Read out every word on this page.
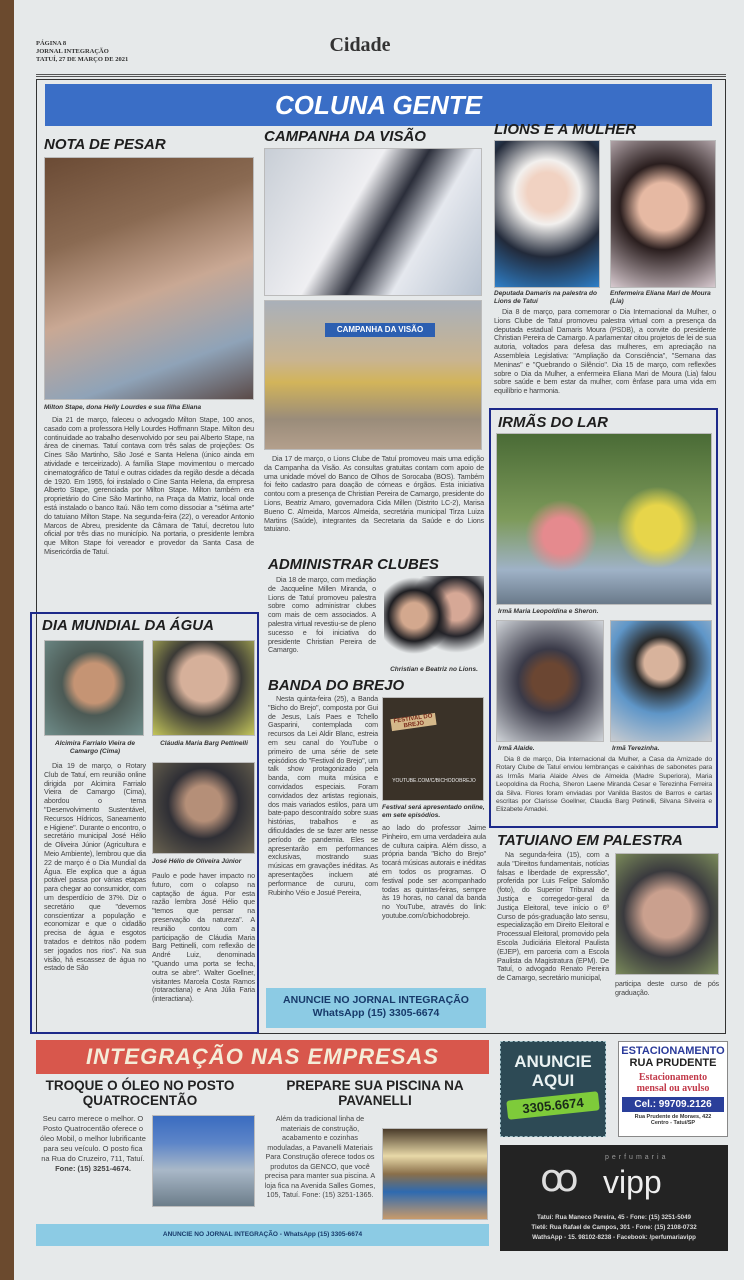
PÁGINA 8
JORNAL INTEGRAÇÃO
TATUÍ, 27 DE MARÇO DE 2021
Cidade
COLUNA GENTE
NOTA DE PESAR
Milton Stape, dona Helly Lourdes e sua filha Eliana
Dia 21 de março, faleceu o advogado Milton Stape, 100 anos, casado com a professora Helly Lourdes Hoffmann Stape. Milton deu continuidade ao trabalho desenvolvido por seu pai Alberto Stape, na área de cinemas. Tatuí contava com três salas de projeções: Os Cines São Martinho, São José e Santa Helena (único ainda em atividade e terceirizado). A família Stape movimentou o mercado cinematográfico de Tatuí e outras cidades da região desde a década de 1920. Em 1955, foi instalado o Cine Santa Helena, da empresa Alberto Stape, gerenciada por Milton Stape. Milton também era proprietário do Cine São Martinho, na Praça da Matriz, local onde está instalado o banco Itaú. Não tem como dissociar a "sétima arte" do tatuiano Milton Stape. Na segunda-feira (22), o vereador Antonio Marcos de Abreu, presidente da Câmara de Tatuí, decretou luto oficial por três dias no município. Na portaria, o presidente lembra que Milton Stape foi vereador e provedor da Santa Casa de Misericórdia de Tatuí.
DIA MUNDIAL DA ÁGUA
Alcimira Farrialo Vieira de Camargo (Cima)
Cláudia Maria Barg Pettinelli
Dia 19 de março, o Rotary Club de Tatuí, em reunião online dirigida por Alcimira Farrialo Vieira de Camargo (Cima), abordou o tema "Desenvolvimento Sustentável, Recursos Hídricos, Saneamento e Higiene". Durante o encontro, o secretário municipal José Hélio de Oliveira Júnior (Agricultura e Meio Ambiente), lembrou que dia 22 de março é o Dia Mundial da Água. Ele explica que a água potável passa por várias etapas para chegar ao consumidor, com um desperdício de 37%. Diz o secretário que "devemos conscientizar a população e economizar e que o cidadão precisa de água e esgotos tratados e detritos não podem ser jogados nos rios". Na sua visão, há escassez de água no estado de São
José Hélio de Oliveira Júnior
Paulo e pode haver impacto no futuro, com o colapso na captação de água. Por esta razão lembra José Hélio que "temos que pensar na preservação da natureza". A reunião contou com a participação de Cláudia Maria Barg Pettinelli, com reflexão de André Luiz, denominada "Quando uma porta se fecha, outra se abre". Walter Goellner, visitantes Marcela Costa Ramos (rotaractiana) e Ana Júlia Faria (interactiana).
CAMPANHA DA VISÃO
CAMPANHA DA VISÃO
Dia 17 de março, o Lions Clube de Tatuí promoveu mais uma edição da Campanha da Visão. As consultas gratuitas contam com apoio de uma unidade móvel do Banco de Olhos de Sorocaba (BOS). Também foi feito cadastro para doação de córneas e órgãos. Esta iniciativa contou com a presença de Christian Pereira de Camargo, presidente do Lions, Beatriz Amaro, governadora Cida Millen (Distrito LC-2), Marisa Bueno C. Almeida, Marcos Almeida, secretária municipal Tirza Luiza Martins (Saúde), integrantes da Secretaria da Saúde e do Lions tatuiano.
ADMINISTRAR CLUBES
Dia 18 de março, com mediação de Jacqueline Millen Miranda, o Lions de Tatuí promoveu palestra sobre como administrar clubes com mais de cem associados. A palestra virtual revestiu-se de pleno sucesso e foi iniciativa do presidente Christian Pereira de Camargo.
Christian e Beatriz no Lions.
BANDA DO BREJO
Nesta quinta-feira (25), a Banda "Bicho do Brejo", composta por Gui de Jesus, Laís Paes e Tchello Gasparini, contemplada com recursos da Lei Aldir Blanc, estreia em seu canal do YouTube o primeiro de uma série de sete episódios do "Festival do Brejo", um talk show protagonizado pela banda, com muita música e convidados especiais. Foram convidados dez artistas regionais, dos mais variados estilos, para um bate-papo descontraído sobre suas histórias, trabalhos e as dificuldades de se fazer arte nesse período de pandemia. Eles se apresentarão em performances exclusivas, mostrando suas músicas em gravações inéditas. As apresentações incluem até performance de cururu, com Rubinho Véio e Josué Pereira,
FESTIVAL DO BREJO
YOUTUBE.COM/C/BICHODOBREJO
Festival será apresentado online, em sete episódios.
ao lado do professor Jaime Pinheiro, em uma verdadeira aula de cultura caipira. Além disso, a própria banda "Bicho do Brejo" tocará músicas autorais e inéditas em todos os programas. O festival pode ser acompanhado todas as quintas-feiras, sempre às 19 horas, no canal da banda no YouTube, através do link: youtube.com/c/bichodobrejo.
ANUNCIE NO JORNAL INTEGRAÇÃO
WhatsApp (15) 3305-6674
LIONS E A MULHER
Deputada Damaris na palestra do Lions de Tatuí
Enfermeira Eliana Mari de Moura (Lia)
Dia 8 de março, para comemorar o Dia Internacional da Mulher, o Lions Clube de Tatuí promoveu palestra virtual com a presença da deputada estadual Damaris Moura (PSDB), a convite do presidente Christian Pereira de Camargo. A parlamentar citou projetos de lei de sua autoria, voltados para defesa das mulheres, em apreciação na Assembleia Legislativa: "Ampliação da Consciência", "Semana das Meninas" e "Quebrando o Silêncio". Dia 15 de março, com reflexões sobre o Dia da Mulher, a enfermeira Eliana Mari de Moura (Lia) falou sobre saúde e bem estar da mulher, com ênfase para uma vida em equilíbrio e harmonia.
IRMÃS DO LAR
Irmã Maria Leopoldina e Sheron.
Irmã Alaide.	Irmã Terezinha.
Dia 8 de março, Dia Internacional da Mulher, a Casa da Amizade do Rotary Clube de Tatuí enviou lembranças e caixinhas de sabonetes para as Irmãs Maria Alaide Alves de Almeida (Madre Superiora), Maria Leopoldina da Rocha, Sheron Laene Miranda Cesar e Terezinha Ferreira da Silva. Flores foram enviadas por Vanilda Bastos de Barros e cartas escritas por Clarisse Goellner, Claudia Barg Petinelli, Silvana Silveira e Elizabete Amadei.
TATUIANO EM PALESTRA
Na segunda-feira (15), com a aula "Direitos fundamentais, notícias falsas e liberdade de expressão", proferida por Luis Felipe Salomão (foto), do Superior Tribunal de Justiça e corregedor-geral da Justiça Eleitoral, teve início o 6º Curso de pós-graduação lato sensu, especialização em Direito Eleitoral e Processual Eleitoral, promovido pela Escola Judiciária Eleitoral Paulista (EJEP), em parceria com a Escola Paulista da Magistratura (EPM). De Tatuí, o advogado Renato Pereira de Camargo, secretário municipal,
participa deste curso de pós graduação.
INTEGRAÇÃO NAS EMPRESAS
TROQUE O ÓLEO NO POSTO QUATROCENTÃO
Seu carro merece o melhor. O Posto Quatrocentão oferece o óleo Mobil, o melhor lubrificante para seu veículo. O posto fica na Rua do Cruzeiro, 711, Tatuí.
Fone: (15) 3251-4674.
PREPARE SUA PISCINA NA PAVANELLI
Além da tradicional linha de materiais de construção, acabamento e cozinhas moduladas, a Pavanelli Materiais Para Construção oferece todos os produtos da GENCO, que você precisa para manter sua piscina. A loja fica na Avenida Salles Gomes, 105, Tatuí. Fone: (15) 3251-1365.
ANUNCIE NO JORNAL INTEGRAÇÃO - WhatsApp (15) 3305-6674
ANUNCIE
AQUI
3305.6674
ESTACIONAMENTO
RUA PRUDENTE
Estacionamento
mensal ou avulso
Cel.: 99709.2126
Rua Prudente de Moraes, 422
Centro - Tatuí/SP
ꝏ
perfumaria
vipp
Tatuí: Rua Maneco Pereira, 45 - Fone: (15) 3251-5049
Tietê: Rua Rafael de Campos, 301 - Fone: (15) 2108-0732
WathsApp - 15. 98102-8238 - Facebook: /perfumariavipp
